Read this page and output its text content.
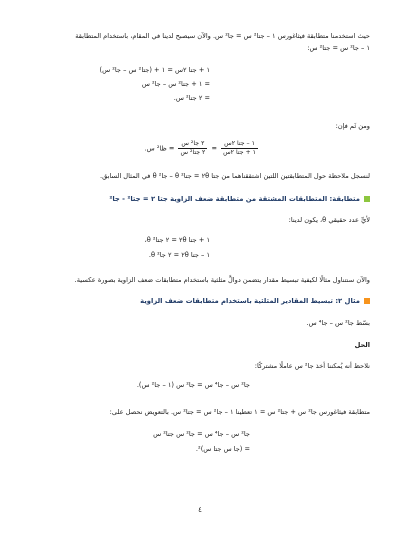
حيث استخدمنا متطابقة فيثاغورس ١ – جتا² س = جا² س. والآن سيصبح لدينا في المقام، باستخدام المتطابقة
١ – جا² س = جتا² س:
١ + جتا ٢س = ١ + (جتا² س – جا² س)
= ١ + جتا² س – جا² س
= ٢ جتا² س.
ومن ثَم فإن:
$\frac{\text{١ – جتا ٢س}}{\text{١ + جتا ٢س}}$
=
$\frac{\text{٢ جا² س}}{\text{٢ جتا² س}}$
= ظا² س.
لنسجل ملاحظة حول المتطابقتين اللتين اشتققناهما من جتا ٢θ = جتا² θ – جا² θ في المثال السابق.
متطابقة: المتطابقات المشتقة من متطابقة ضعف الزاوية جتا ٢ = جتا² - جا²
لأيِّ عدد حقيقي θ، يكون لدينا:
١ + جتا ٢θ = ٢ جتا² θ،
١ – جتا ٢θ = ٢ جا² θ.
والآن سنتناول مثالًا لكيفية تبسيط مقدار يتضمن دوالَّ مثلثية باستخدام متطابقات ضعف الزاوية بصورة عكسية.
مثال ٢: تبسيط المقادير المثلثية باستخدام متطابقات ضعف الزاوية
بسّط جا² س – جا⁴ س.
الحل
نلاحظ أنه يُمكننا أخذ جا² س عاملًا مشتركًا:
جا² س – جا⁴ س = جا² س (١ – جا² س).
متطابقة فيثاغورس جا² س + جتا² س = ١ تعطينا ١ – جا² س = جتا² س. بالتعويض نحصل على:
جا² س – جا⁴ س = جا² س جتا² س
= (جا س جتا س)².
٤
